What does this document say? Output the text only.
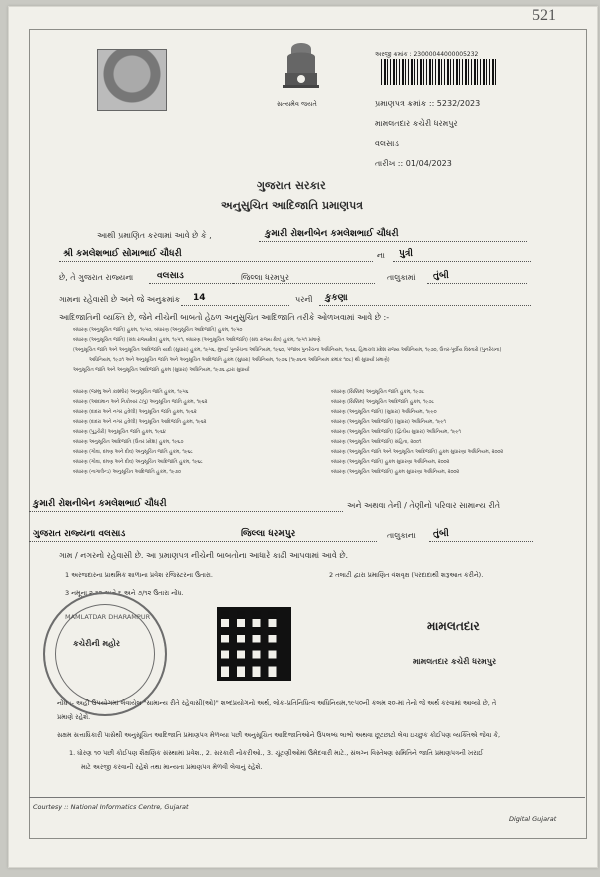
521
સત્યમેવ જયતે
અરજી ક્રમાંક : 23000044000005232
પ્રમાણપત્ર ક્રમાંક :: 5232/2023
મામલતદાર કચેરી ધરમપુર
વલસાડ
તારીખ :: 01/04/2023
ગુજરાત સરકાર
અનુસુચિત આદિજાતિ પ્રમાણપત્ર
આથી પ્રમાણિત કરવામાં આવે છે કે ,	કુમારી રોશનીબેન કમલેશભાઈ ચૌધરી
શ્રી કમલેશભાઈ સોમાભાઈ ચૌધરી	ના પુત્રી
છે, તે ગુજરાત રાજ્યના	વલસાડ	જિલ્લા ધરમપુર	તાલુકામાં તુંબી
ગામના રહેવાસી છે અને જે અનુક્રમાંક 14	પરની કુકણા
આદિજાતિની વ્યક્તિ છે, જેને નીચેની બાબતો હેઠળ અનુસુચિત આદિજાતિ તરીકે ઓળખવામાં આવે છે :-
બંધારણ (અનુસૂચિત જાતિ) હુકમ, ૧૯૫૦, બંધારણ (અનુસૂચિત આદિજાતિ) હુકમ, ૧૯૫૦
બંધારણ (અનુસૂચિત જાતિ) (સંઘ રાજ્યક્ષેત્ર) હુકમ, ૧૯૫૧, બંધારણ (અનુસૂચિત આદિજાતિ) (સંઘ રાજ્ય ક્ષેત્ર) હુકમ, ૧૯૫૧ પ્રમાણે
(અનુસૂચિત જાતિ અને અનુસૂચિત આદિજાતિ યાદી (સુધારા) હુકમ, ૧૯૫૬, મુંબઈ પુનર્રચના અધિનિયમ, ૧૯૬૦, પંજાબ પુનર્રચના અધિનિયમ, ૧૯૬૬, હિમાચલ પ્રદેશ રાજ્ય અધિનિયમ, ૧૯૭૦, ઉત્તર-પૂર્વીય વિસ્તારો (પુનર્રચના)
અધિનિયમ, ૧૯૭૧ અને અનુસૂચિત જાતિ અને અનુસૂચિત આદિજાતિ હુકમ (સુધારા) અધિનિયમ, ૧૯૭૬ (૧૯૭૬ના અધિનિયમ ક્રમાંક ૧૦૮) થી સુધાર્યા પ્રમાણે)
અનુસૂચિત જાતિ અને અનુસૂચિત આદિજાતિ હુકમ (સુધારા) અધિનિયમ, ૧૯૭૬ દ્વારા સુધાર્યા
બંધારણ (જમ્મુ અને કાશ્મીર) અનુસૂચિત જાતિ હુકમ, ૧૯૫૬
બંધારણ (આંદામાન અને નિકોબાર ટાપુ) અનુસૂચિત જાતિ હુકમ, ૧૯૬૨
બંધારણ (દાદરા અને નગર હવેલી) અનુસૂચિત જાતિ હુકમ, ૧૯૬૨
બંધારણ (દાદરા અને નગર હવેલી) અનુસૂચિત આદિજાતિ હુકમ, ૧૯૬૨
બંધારણ (પુડુચેરી) અનુસૂચિત જાતિ હુકમ, ૧૯૬૪
બંધારણ અનુસૂચિત આદિજાતિ (ઉત્તર પ્રદેશ) હુકમ, ૧૯૬૭
બંધારણ (ગોવા, દમણ અને દીવ) અનુસૂચિત જાતિ હુકમ, ૧૯૬૮
બંધારણ (ગોવા, દમણ અને દીવ) અનુસૂચિત આદિજાતિ હુકમ, ૧૯૬૮
બંધારણ (નાગાલેન્ડ) અનુસૂચિત આદિજાતિ હુકમ, ૧૯૭૦
બંધારણ (સિક્કિમ) અનુસૂચિત જાતિ હુકમ, ૧૯૭૮
બંધારણ (સિક્કિમ) અનુસૂચિત આદિજાતિ હુકમ, ૧૯૭૮
બંધારણ (અનુસૂચિત જાતિ) (સુધારા) અધિનિયમ, ૧૯૯૦
બંધારણ (અનુસૂચિત આદિજાતિ) (સુધારા) અધિનિયમ, ૧૯૯૧
બંધારણ (અનુસૂચિત આદિજાતિ) (દ્વિતીય સુધારા) અધિનિયમ, ૧૯૯૧
બંધારણ (અનુસૂચિત આદિજાતિ) સંહિતા, ૨૦૦૧
બંધારણ (અનુસૂચિત જાતિ અને અનુસૂચિત આદિજાતિ) હુકમ સુધારણા અધિનિયમ, ૨૦૦૨
બંધારણ (અનુસૂચિત જાતિ) હુકમ સુધારણા અધિનિયમ, ૨૦૦૨
બંધારણ (અનુસૂચિત આદિજાતિ) હુકમ સુધારણા અધિનિયમ, ૨૦૦૨
કુમારી રોશનીબેન કમલેશભાઈ ચૌધરી	અને અથવા તેની / તેણીનો પરિવાર સામાન્ય રીતે
ગુજરાત રાજ્યના વલસાડ	જિલ્લા ધરમપુર	તાલુકાના તુંબી
ગામ / નગરનો રહેવાસી છે. આ પ્રમાણપત્ર નીચેની બાબતોના આધારે કાઢી આપવામાં આવે છે.
1 અરજદારના પ્રાથમિક શાળાના પ્રવેશ રજિસ્ટરના ઉતારા.	2 તલાટી દ્વારા પ્રમાણિત વંશવૃક્ષ (પરદાદાથી શરૂઆત કરીને).
3 નમૂના ૨-૧૨ અને ૬ અને ૭/૧૨ ઉતારા નોંધ.
MAMLATDAR DHARAMPUR
કચેરીની મહોર
મામલતદાર
મામલતદાર કચેરી ધરમપુર
નોંધ :- અહીં ઉપયોગમાં લેવાયેલ "સામાન્ય રીતે રહેવાસી(ઓ)" શબ્દપ્રયોગનો અર્થ, લોક-પ્રતિનિધિત્વ અધિનિયમ,૧૯૫૦ની કલમ ૨૦-માં તેનો જે અર્થ કરવામાં આવ્યો છે, તે
પ્રમાણે રહેશે.
સક્ષમ સત્તાધિકારી પાસેથી અનુસૂચિત આદિજાતિ પ્રમાણપત્ર મેળવ્યા પછી અનુસૂચિત આદિજાતિઓને ઉપલબ્ધ લાભો અથવા છૂટછાટો લેવા ઇચ્છુક કોઈપણ વ્યક્તિએ જેવા કે,
1. ધોરણ ૧૦ પછી કોઈપણ શૈક્ષણિક સંસ્થામાં પ્રવેશ., 2. સરકારી નોકરીઓ., 3. ચૂંટણીઓમાં ઉમેદવારી માટે., સંલગ્ન વિસ્તેષણ સમિતિને જાતિ પ્રમાણપત્રની ખરાઈ
માટે અરજી કરવાની રહેશે તથા માન્યતા પ્રમાણપત્ર મેળવી લેવાનું રહેશે.
Courtesy :: National Informatics Centre, Gujarat
Digital Gujarat
